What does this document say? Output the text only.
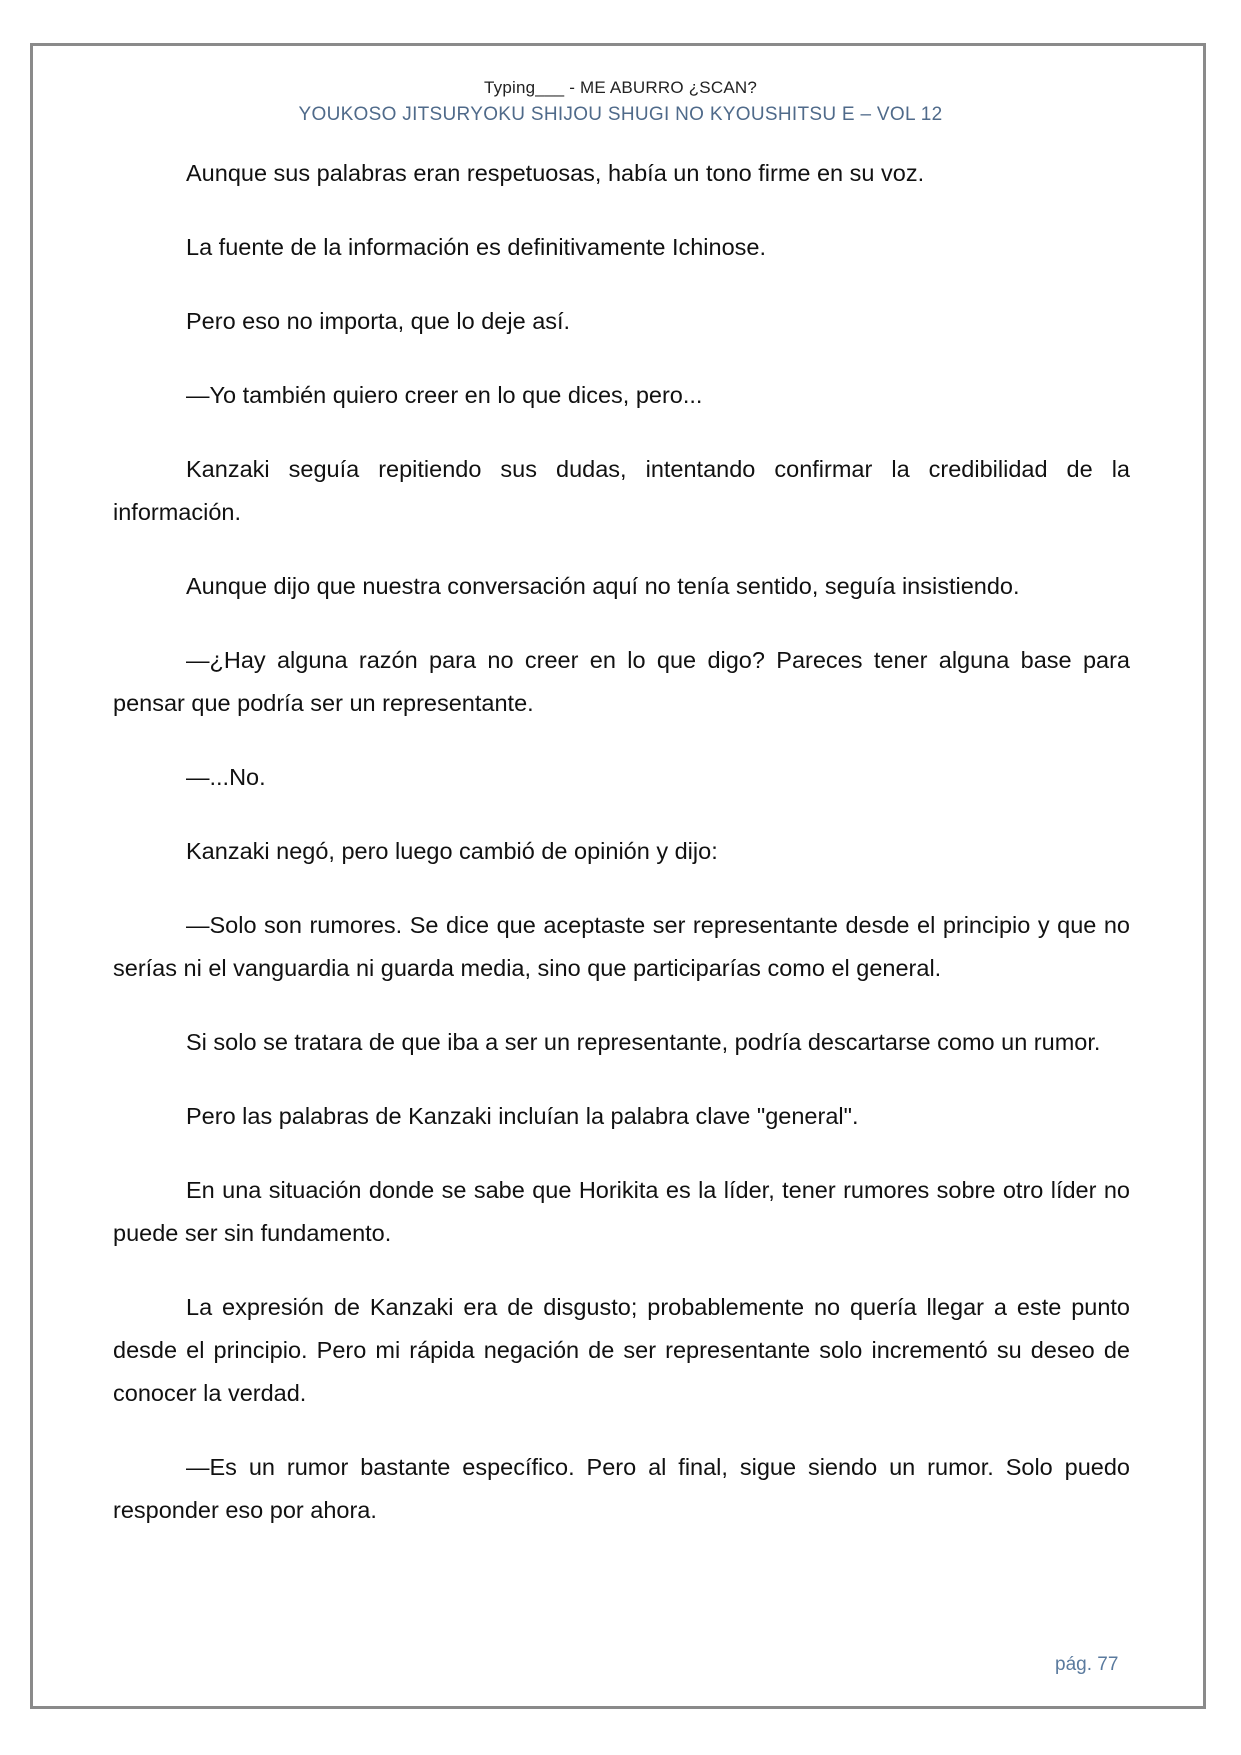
Typing___ - ME ABURRO ¿SCAN?
YOUKOSO JITSURYOKU SHIJOU SHUGI NO KYOUSHITSU E – VOL 12

Aunque sus palabras eran respetuosas, había un tono firme en su voz.

La fuente de la información es definitivamente Ichinose.

Pero eso no importa, que lo deje así.

—Yo también quiero creer en lo que dices, pero...

Kanzaki seguía repitiendo sus dudas, intentando confirmar la credibilidad de la información.

Aunque dijo que nuestra conversación aquí no tenía sentido, seguía insistiendo.

—¿Hay alguna razón para no creer en lo que digo? Pareces tener alguna base para pensar que podría ser un representante.

—...No.

Kanzaki negó, pero luego cambió de opinión y dijo:

—Solo son rumores. Se dice que aceptaste ser representante desde el principio y que no serías ni el vanguardia ni guarda media, sino que participarías como el general.

Si solo se tratara de que iba a ser un representante, podría descartarse como un rumor.

Pero las palabras de Kanzaki incluían la palabra clave "general".

En una situación donde se sabe que Horikita es la líder, tener rumores sobre otro líder no puede ser sin fundamento.

La expresión de Kanzaki era de disgusto; probablemente no quería llegar a este punto desde el principio. Pero mi rápida negación de ser representante solo incrementó su deseo de conocer la verdad.

—Es un rumor bastante específico. Pero al final, sigue siendo un rumor. Solo puedo responder eso por ahora.

pág. 77
